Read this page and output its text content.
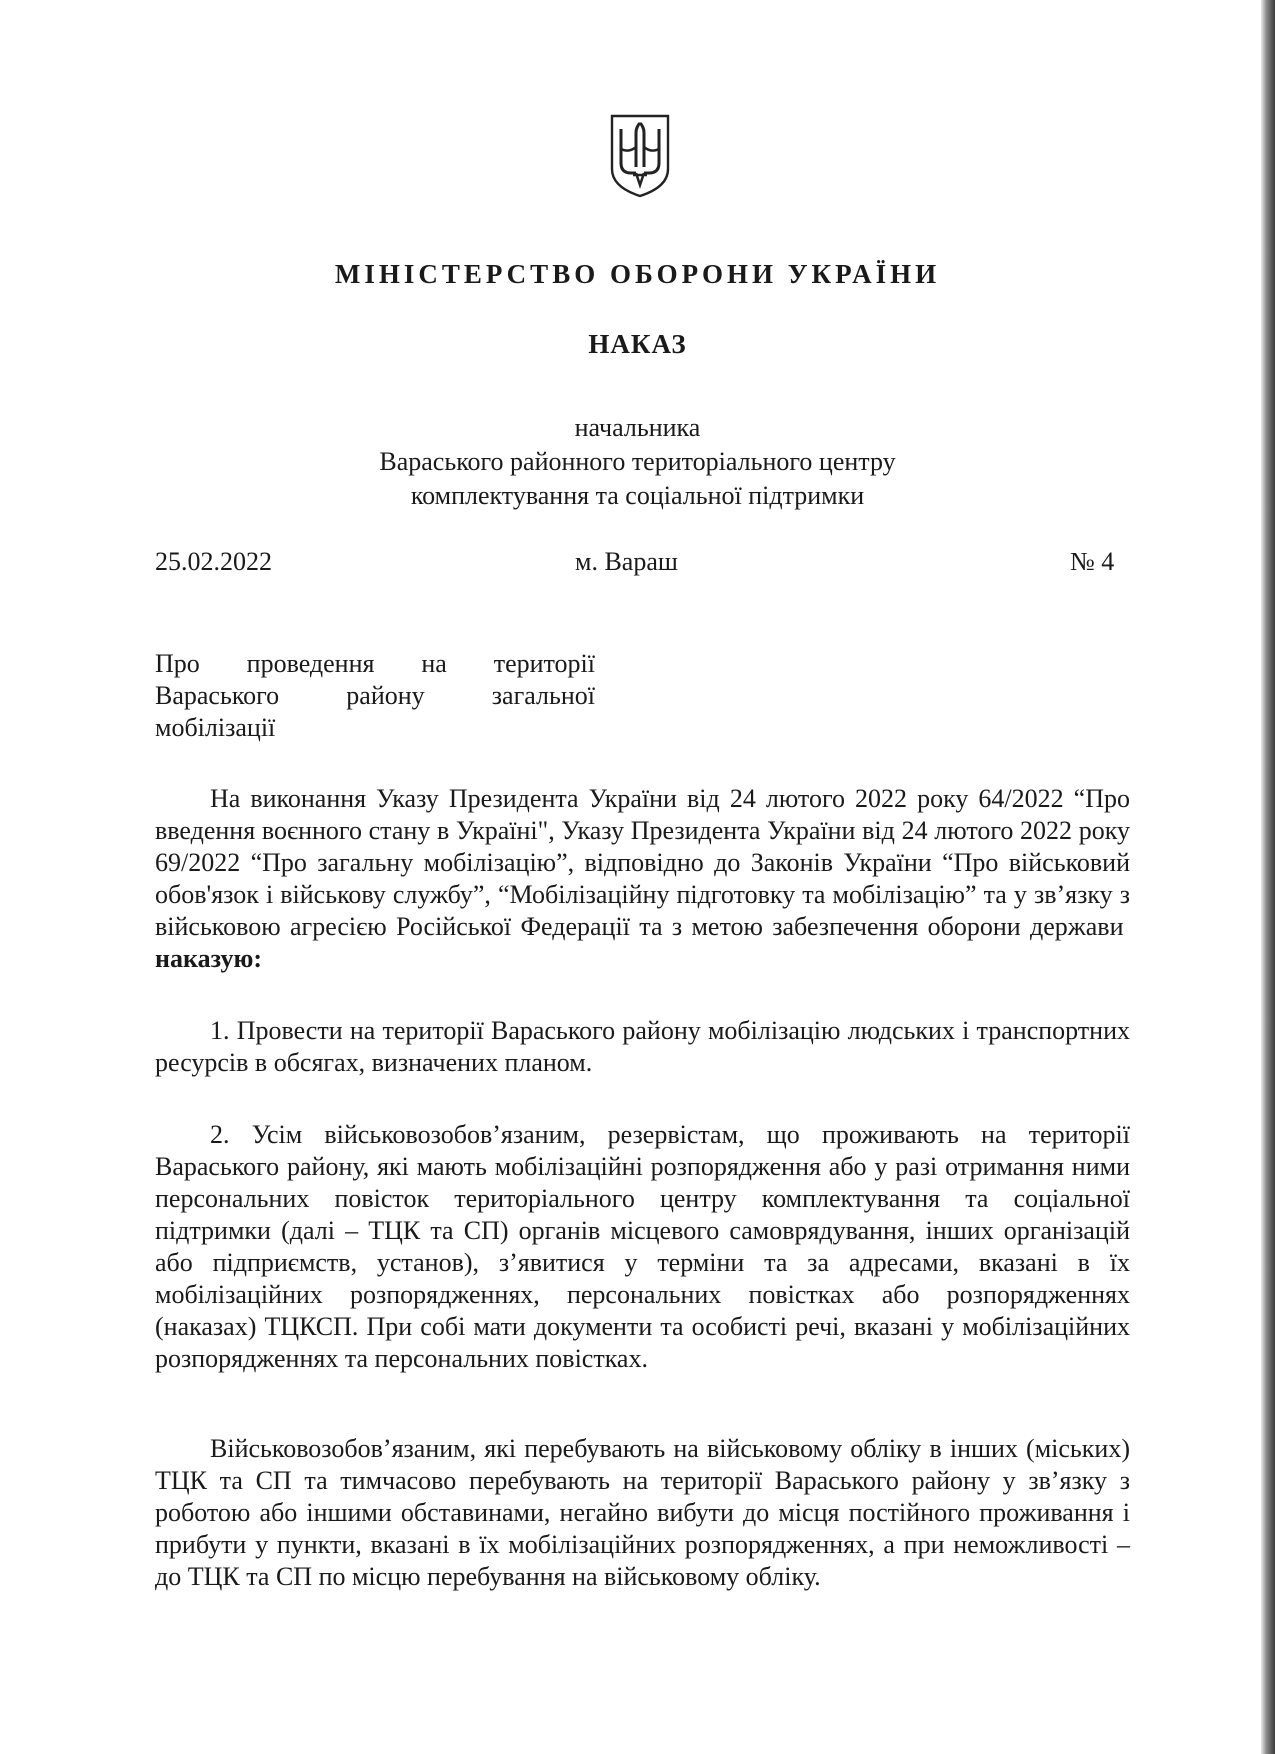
МІНІСТЕРСТВО ОБОРОНИ УКРАЇНИ
НАКАЗ
начальника
Вараського районного територіального центру
комплектування та соціальної підтримки
25.02.2022	м. Вараш	№ 4
Про проведення на території
Вараського району загальної
мобілізації

На виконання Указу Президента України від 24 лютого 2022 року 64/2022 “Про введення воєнного стану в Україні", Указу Президента України від 24 лютого 2022 року 69/2022 “Про загальну мобілізацію”, відповідно до Законів України “Про військовий обов'язок і військову службу”, “Мобілізаційну підготовку та мобілізацію” та у зв’язку з військовою агресією Російської Федерації та з метою забезпечення оборони держави  наказую:

1. Провести на території Вараського району мобілізацію людських і транспортних ресурсів в обсягах, визначених планом.

2. Усім військовозобов’язаним, резервістам, що проживають на території Вараського району, які мають мобілізаційні розпорядження або у разі отримання ними персональних повісток територіального центру комплектування та соціальної підтримки (далі – ТЦК та СП) органів місцевого самоврядування, інших організацій або підприємств, установ), з’явитися у терміни та за адресами, вказані в їх мобілізаційних розпорядженнях, персональних повістках або розпорядженнях (наказах) ТЦКСП. При собі мати документи та особисті речі, вказані у мобілізаційних розпорядженнях та персональних повістках.

Військовозобов’язаним, які перебувають на військовому обліку в інших (міських) ТЦК та СП та тимчасово перебувають на території Вараського району у зв’язку з роботою або іншими обставинами, негайно вибути до місця постійного проживання і прибути у пункти, вказані в їх мобілізаційних розпорядженнях, а при неможливості – до ТЦК та СП по місцю перебування на військовому обліку.
